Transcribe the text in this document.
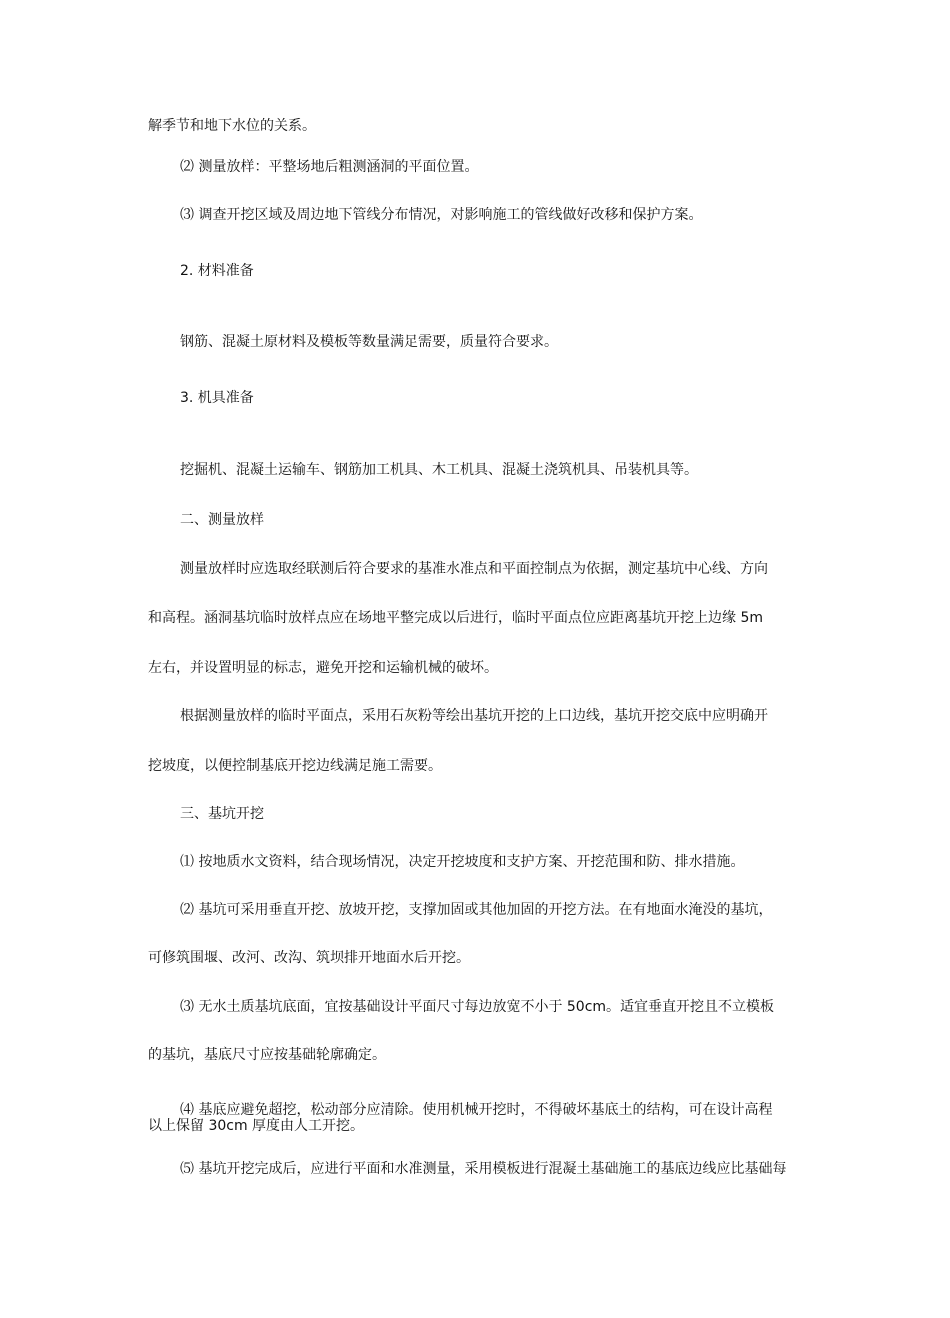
解季节和地下水位的关系。
⑵ 测量放样：平整场地后粗测涵洞的平面位置。
⑶ 调查开挖区域及周边地下管线分布情况，对影响施工的管线做好改移和保护方案。
2. 材料准备
钢筋、混凝土原材料及模板等数量满足需要，质量符合要求。
3. 机具准备
挖掘机、混凝土运输车、钢筋加工机具、木工机具、混凝土浇筑机具、吊装机具等。
二、测量放样
测量放样时应选取经联测后符合要求的基准水准点和平面控制点为依据，测定基坑中心线、方向
和高程。涵洞基坑临时放样点应在场地平整完成以后进行，临时平面点位应距离基坑开挖上边缘 5m
左右，并设置明显的标志，避免开挖和运输机械的破坏。
根据测量放样的临时平面点，采用石灰粉等绘出基坑开挖的上口边线，基坑开挖交底中应明确开
挖坡度，以便控制基底开挖边线满足施工需要。
三、基坑开挖
⑴ 按地质水文资料，结合现场情况，决定开挖坡度和支护方案、开挖范围和防、排水措施。
⑵ 基坑可采用垂直开挖、放坡开挖，支撑加固或其他加固的开挖方法。在有地面水淹没的基坑，
可修筑围堰、改河、改沟、筑坝排开地面水后开挖。
⑶ 无水土质基坑底面，宜按基础设计平面尺寸每边放宽不小于 50cm。适宜垂直开挖且不立模板
的基坑，基底尺寸应按基础轮廓确定。
⑷ 基底应避免超挖，松动部分应清除。使用机械开挖时，不得破坏基底土的结构，可在设计高程
以上保留 30cm 厚度由人工开挖。
⑸ 基坑开挖完成后，应进行平面和水准测量，采用模板进行混凝土基础施工的基底边线应比基础每
